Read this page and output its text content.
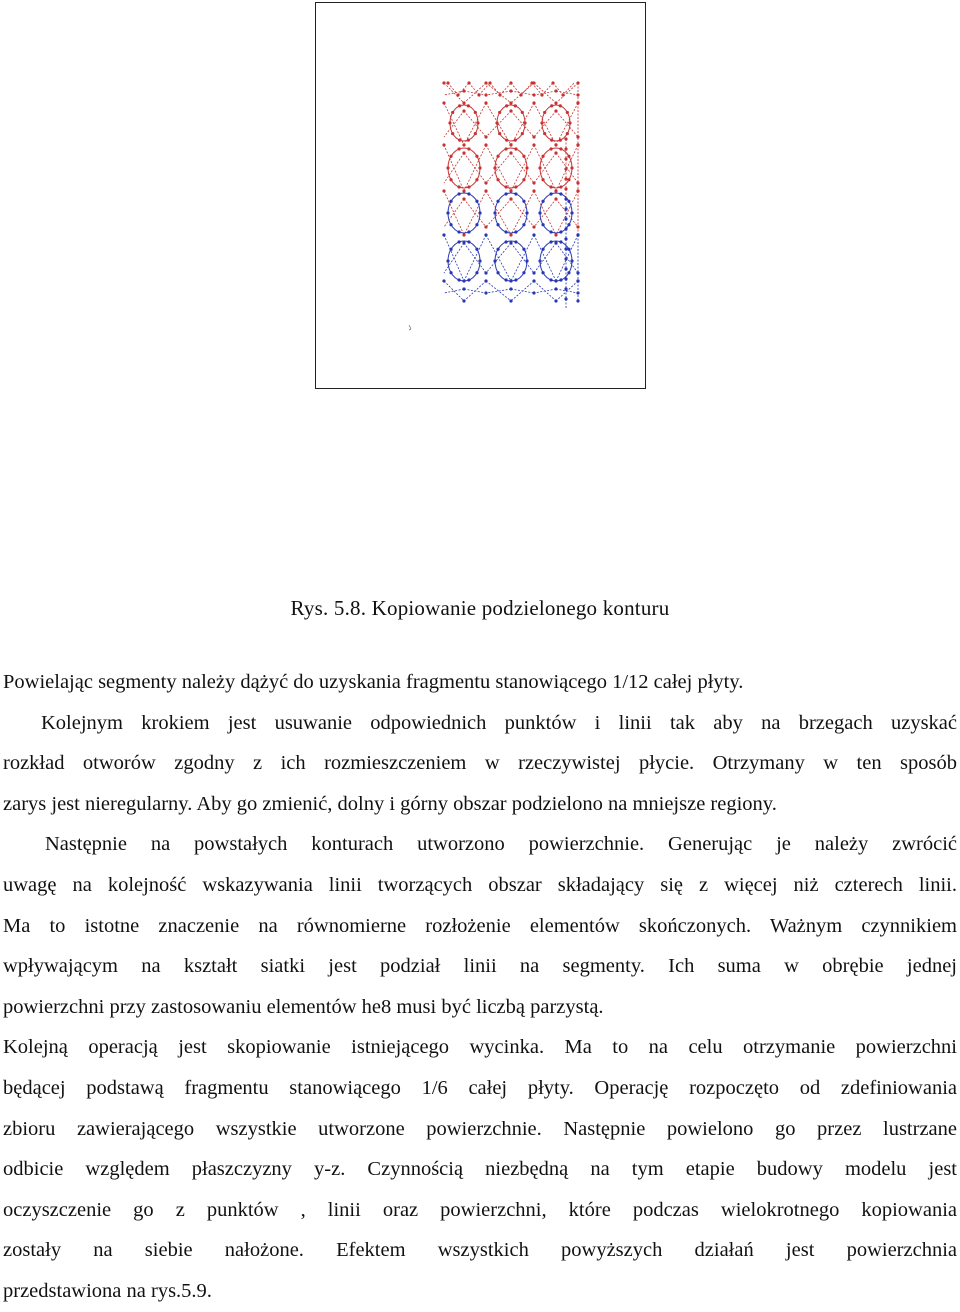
Rys. 5.8. Kopiowanie podzielonego konturu
Powielając segmenty należy dążyć do uzyskania fragmentu stanowiącego 1/12 całej płyty.
Kolejnym krokiem jest usuwanie odpowiednich punktów i linii tak aby na brzegach uzyskać
rozkład otworów zgodny z ich rozmieszczeniem w rzeczywistej płycie. Otrzymany w ten sposób
zarys jest nieregularny. Aby go zmienić, dolny i górny obszar podzielono na mniejsze regiony.
Następnie na powstałych konturach utworzono powierzchnie. Generując je należy zwrócić
uwagę na kolejność wskazywania linii tworzących obszar składający się z więcej niż czterech linii.
Ma to istotne znaczenie na równomierne rozłożenie elementów skończonych. Ważnym czynnikiem
wpływającym na kształt siatki jest podział linii na segmenty. Ich suma w obrębie jednej
powierzchni przy zastosowaniu elementów he8 musi być liczbą parzystą.
Kolejną operacją jest skopiowanie istniejącego wycinka. Ma to na celu otrzymanie powierzchni
będącej podstawą fragmentu stanowiącego 1/6 całej płyty. Operację rozpoczęto od zdefiniowania
zbioru zawierającego wszystkie utworzone powierzchnie. Następnie powielono go przez lustrzane
odbicie względem płaszczyzny y-z. Czynnością niezbędną na tym etapie budowy modelu jest
oczyszczenie go z punktów , linii oraz powierzchni, które podczas wielokrotnego kopiowania
zostały na siebie nałożone. Efektem wszystkich powyższych działań jest powierzchnia
przedstawiona na rys.5.9.
